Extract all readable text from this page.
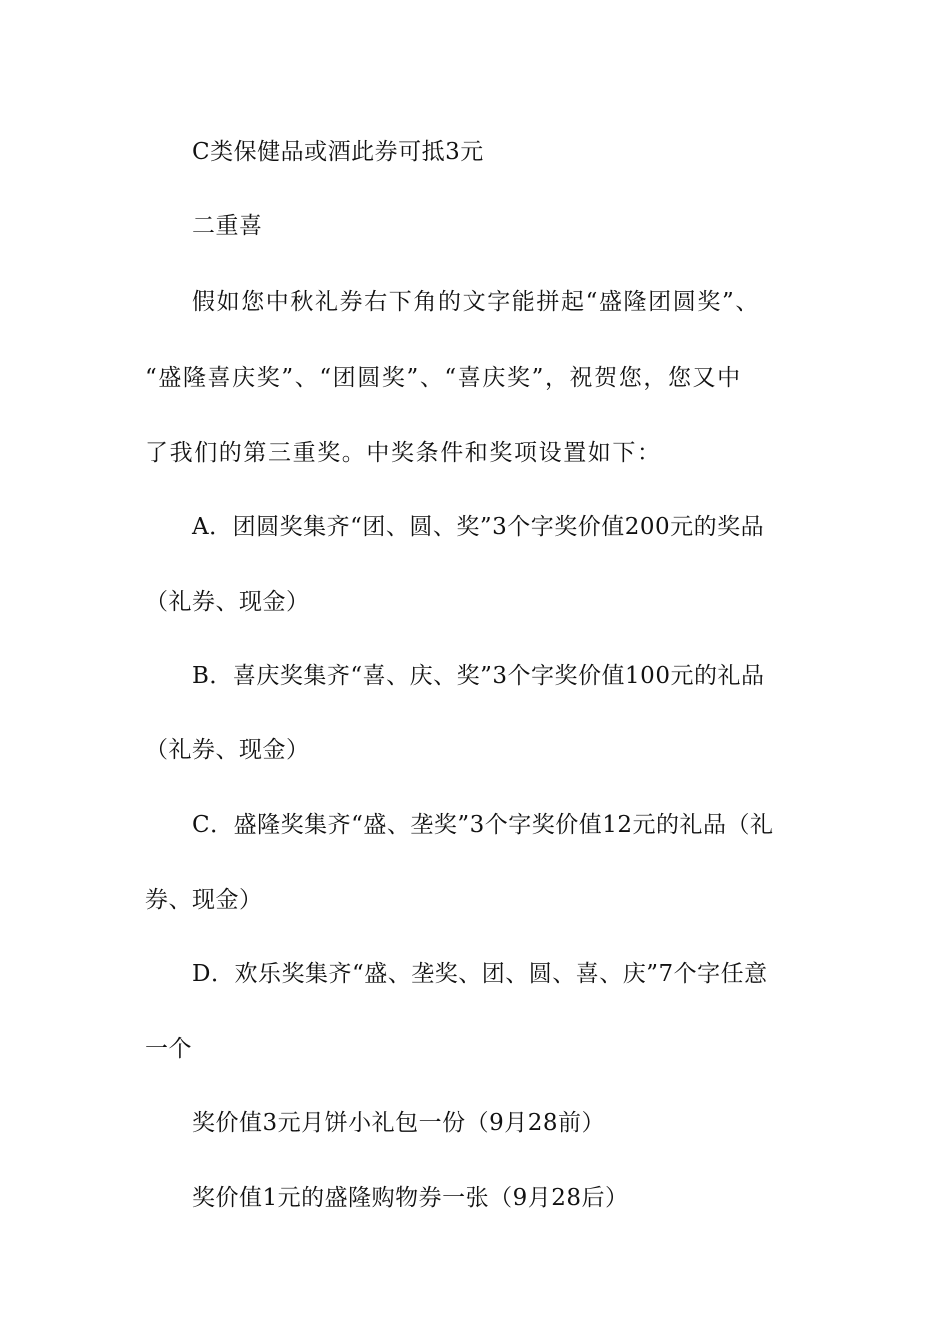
C类保健品或酒此券可抵3元
二重喜
假如您中秋礼券右下角的文字能拼起“盛隆团圆奖”、
“盛隆喜庆奖”、“团圆奖”、“喜庆奖”，祝贺您，您又中
了我们的第三重奖。中奖条件和奖项设置如下：
A．团圆奖集齐“团、圆、奖”3个字奖价值200元的奖品
（礼券、现金）
B．喜庆奖集齐“喜、庆、奖”3个字奖价值100元的礼品
（礼券、现金）
C．盛隆奖集齐“盛、垄奖”3个字奖价值12元的礼品（礼
券、现金）
D．欢乐奖集齐“盛、垄奖、团、圆、喜、庆”7个字任意
一个
奖价值3元月饼小礼包一份（9月28前）
奖价值1元的盛隆购物券一张（9月28后）
